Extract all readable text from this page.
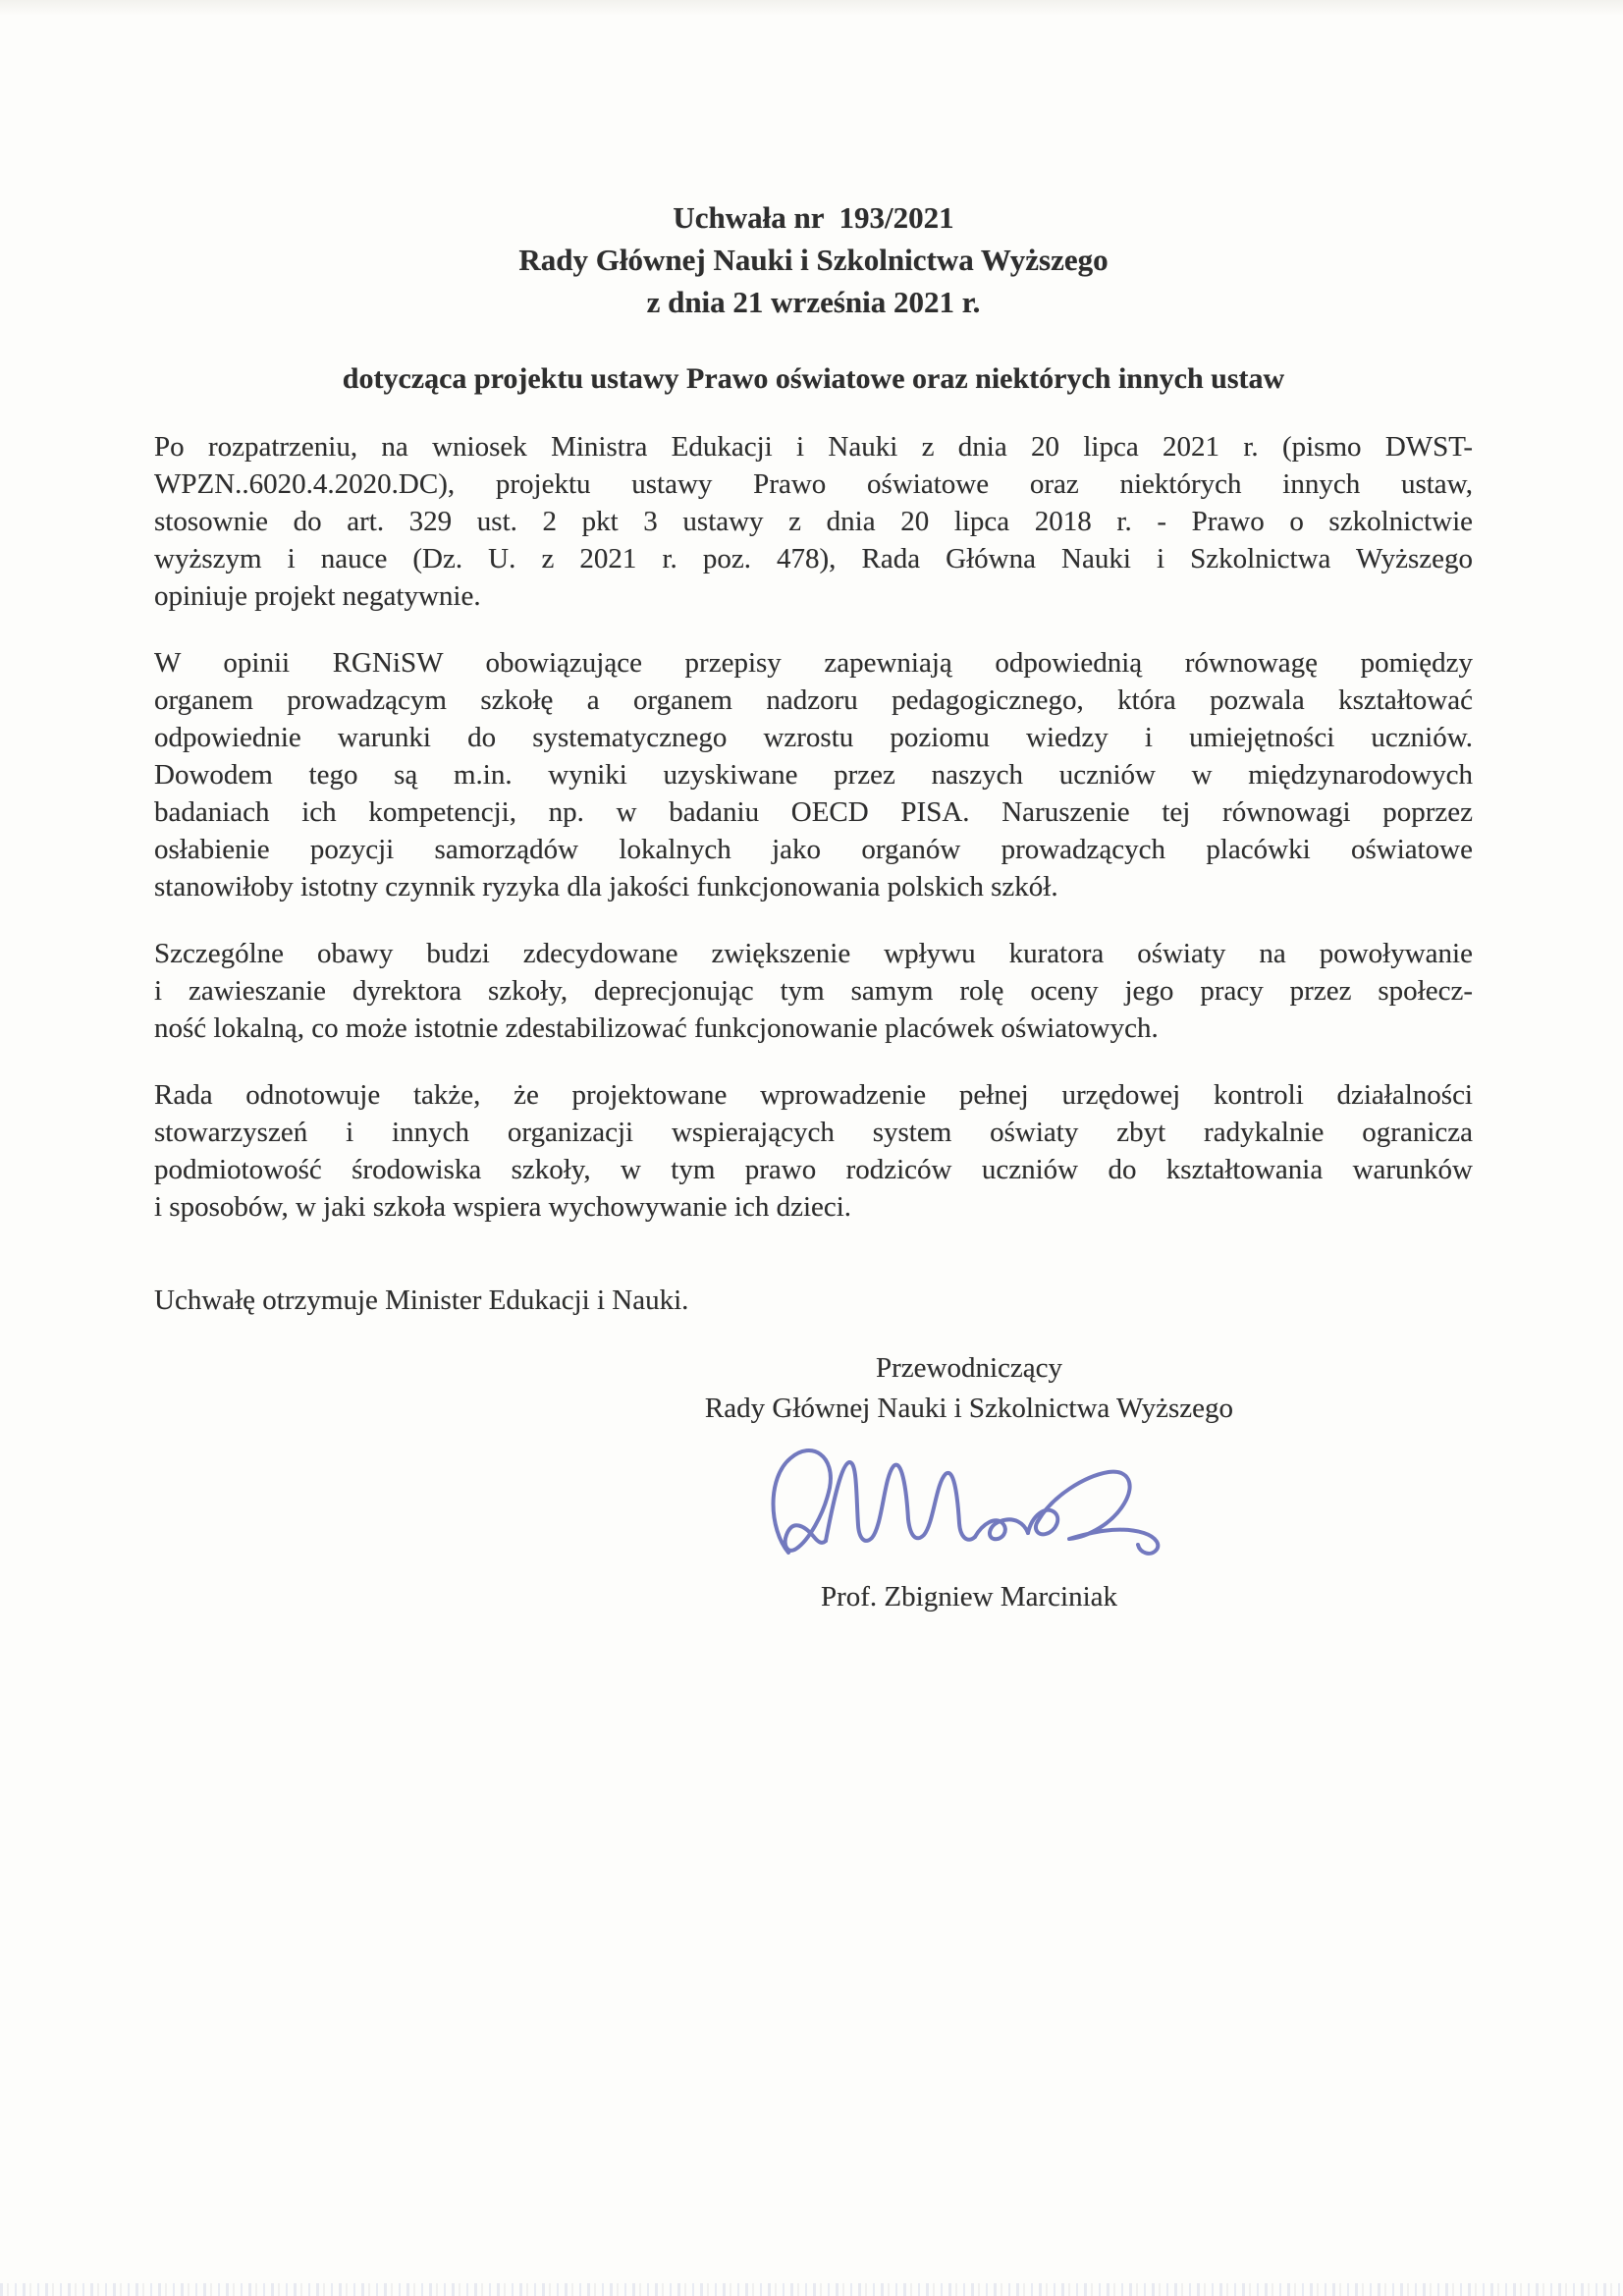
Uchwała nr  193/2021
Rady Głównej Nauki i Szkolnictwa Wyższego
z dnia 21 września 2021 r.
dotycząca projektu ustawy Prawo oświatowe oraz niektórych innych ustaw
Po rozpatrzeniu, na wniosek Ministra Edukacji i Nauki z dnia 20 lipca 2021 r. (pismo DWST-
WPZN..6020.4.2020.DC), projektu ustawy Prawo oświatowe oraz niektórych innych ustaw,
stosownie do art. 329 ust. 2 pkt 3 ustawy z dnia 20 lipca 2018 r. - Prawo o szkolnictwie
wyższym i nauce (Dz. U. z 2021 r. poz. 478), Rada Główna Nauki i Szkolnictwa Wyższego
opiniuje projekt negatywnie.
W opinii RGNiSW obowiązujące przepisy zapewniają odpowiednią równowagę pomiędzy
organem prowadzącym szkołę a organem nadzoru pedagogicznego, która pozwala kształtować
odpowiednie warunki do systematycznego wzrostu poziomu wiedzy i umiejętności uczniów.
Dowodem tego są m.in. wyniki uzyskiwane przez naszych uczniów w międzynarodowych
badaniach ich kompetencji, np. w badaniu OECD PISA. Naruszenie tej równowagi poprzez
osłabienie pozycji samorządów lokalnych jako organów prowadzących placówki oświatowe
stanowiłoby istotny czynnik ryzyka dla jakości funkcjonowania polskich szkół.
Szczególne obawy budzi zdecydowane zwiększenie wpływu kuratora oświaty na powoływanie
i zawieszanie dyrektora szkoły, deprecjonując tym samym rolę oceny jego pracy przez społecz-
ność lokalną, co może istotnie zdestabilizować funkcjonowanie placówek oświatowych.
Rada odnotowuje także, że projektowane wprowadzenie pełnej urzędowej kontroli działalności
stowarzyszeń i innych organizacji wspierających system oświaty zbyt radykalnie ogranicza
podmiotowość środowiska szkoły, w tym prawo rodziców uczniów do kształtowania warunków
i sposobów, w jaki szkoła wspiera wychowywanie ich dzieci.
Uchwałę otrzymuje Minister Edukacji i Nauki.
Przewodniczący
Rady Głównej Nauki i Szkolnictwa Wyższego
Prof. Zbigniew Marciniak
